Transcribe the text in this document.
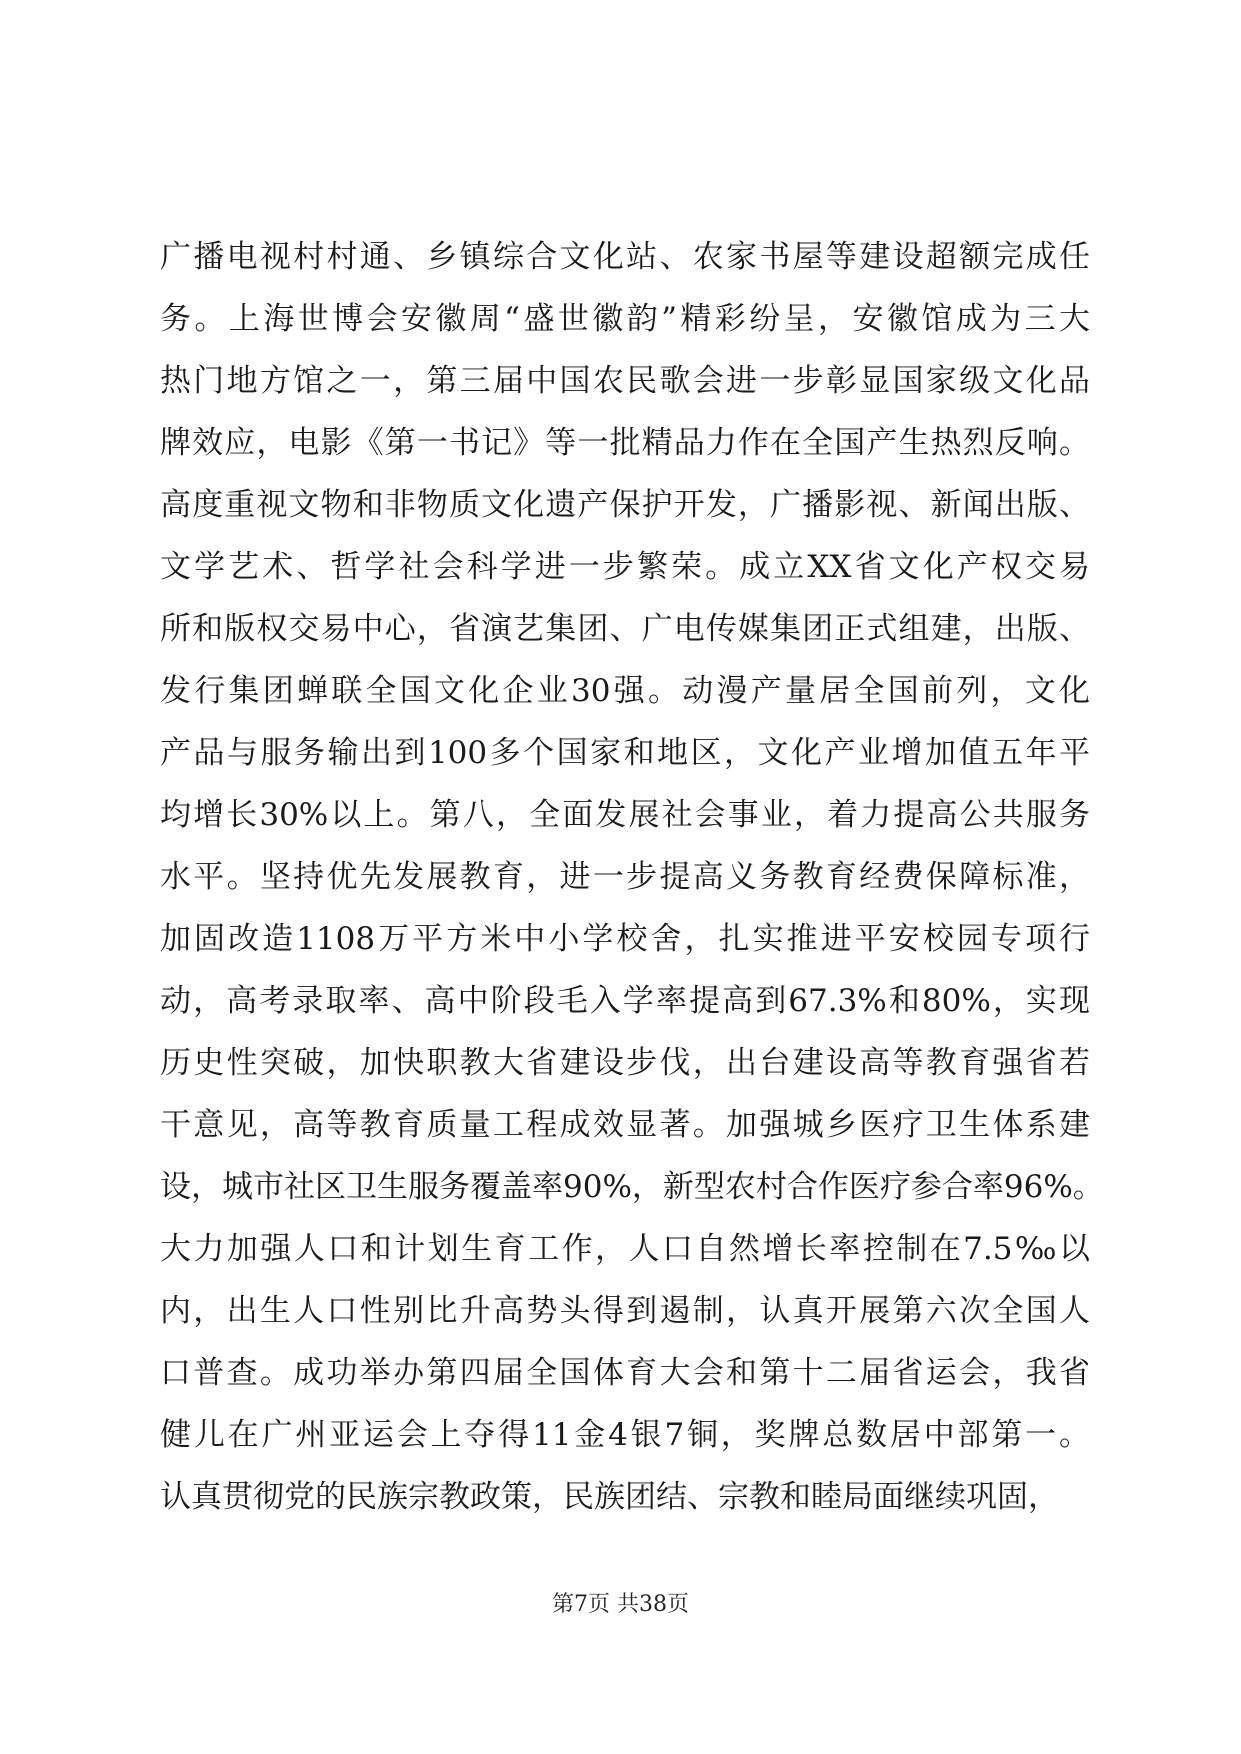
广播电视村村通、乡镇综合文化站、农家书屋等建设超额完成任
务。上海世博会安徽周“盛世徽韵”精彩纷呈，安徽馆成为三大
热门地方馆之一，第三届中国农民歌会进一步彰显国家级文化品
牌效应，电影《第一书记》等一批精品力作在全国产生热烈反响。
高度重视文物和非物质文化遗产保护开发，广播影视、新闻出版、
文学艺术、哲学社会科学进一步繁荣。成立XX省文化产权交易
所和版权交易中心，省演艺集团、广电传媒集团正式组建，出版、
发行集团蝉联全国文化企业30强。动漫产量居全国前列，文化
产品与服务输出到100多个国家和地区，文化产业增加值五年平
均增长30%以上。第八，全面发展社会事业，着力提高公共服务
水平。坚持优先发展教育，进一步提高义务教育经费保障标准，
加固改造1108万平方米中小学校舍，扎实推进平安校园专项行
动，高考录取率、高中阶段毛入学率提高到67.3%和80%，实现
历史性突破，加快职教大省建设步伐，出台建设高等教育强省若
干意见，高等教育质量工程成效显著。加强城乡医疗卫生体系建
设，城市社区卫生服务覆盖率90%，新型农村合作医疗参合率96%。
大力加强人口和计划生育工作，人口自然增长率控制在7.5‰以
内，出生人口性别比升高势头得到遏制，认真开展第六次全国人
口普查。成功举办第四届全国体育大会和第十二届省运会，我省
健儿在广州亚运会上夺得11金4银7铜，奖牌总数居中部第一。
认真贯彻党的民族宗教政策，民族团结、宗教和睦局面继续巩固，
第7页 共38页
